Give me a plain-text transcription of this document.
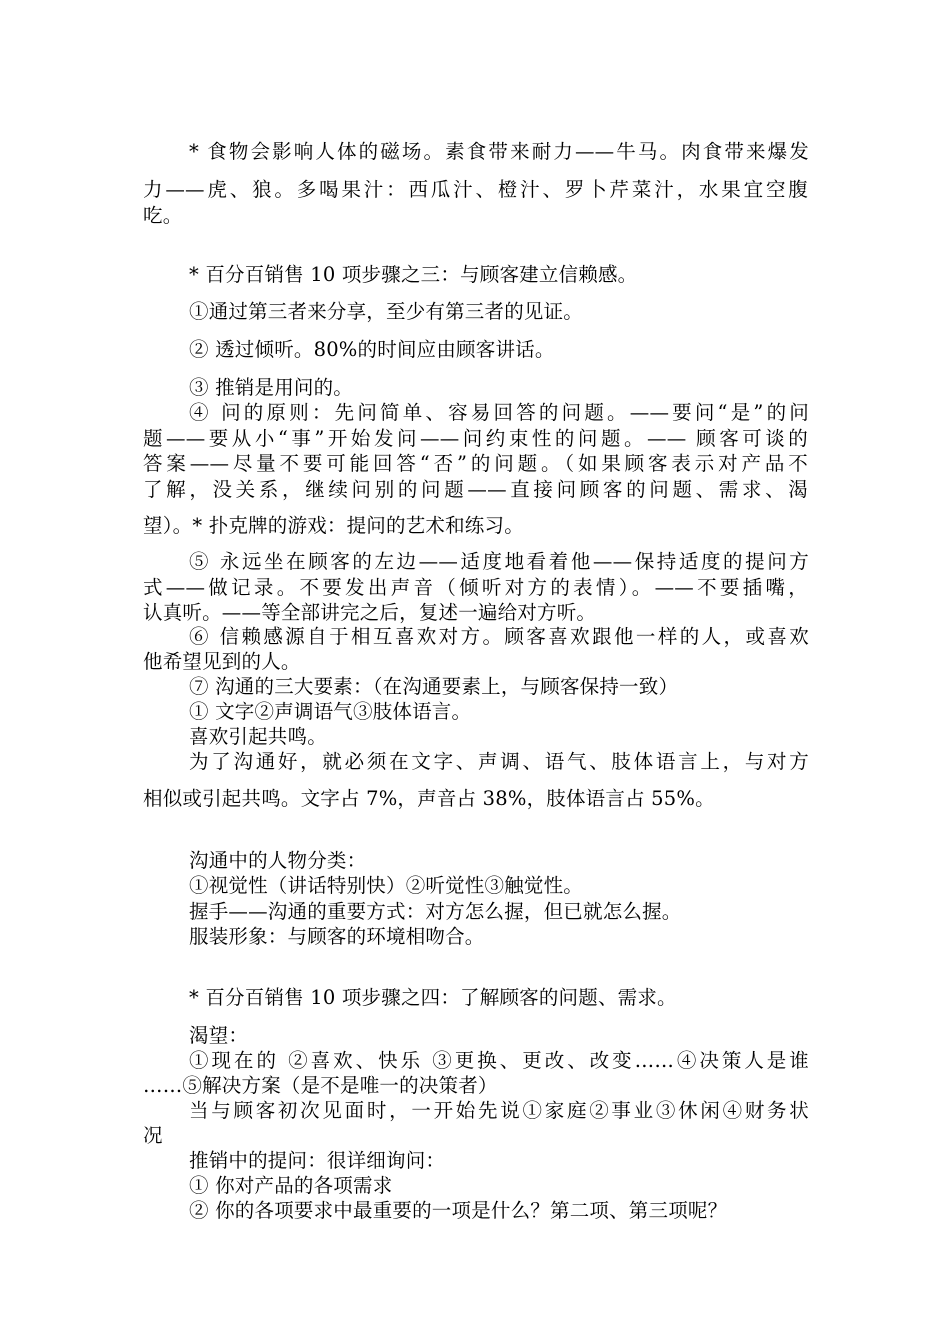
* 食物会影响人体的磁场。素食带来耐力——牛马。肉食带来爆发
力——虎、狼。多喝果汁：西瓜汁、橙汁、罗卜芹菜汁，水果宜空腹
吃。
* 百分百销售 10 项步骤之三：与顾客建立信赖感。
①通过第三者来分享，至少有第三者的见证。
② 透过倾听。80%的时间应由顾客讲话。
③ 推销是用问的。
④ 问的原则：先问简单、容易回答的问题。——要问“是”的问
题——要从小“事”开始发问——问约束性的问题。—— 顾客可谈的
答案——尽量不要可能回答“否”的问题。（如果顾客表示对产品不
了解，没关系，继续问别的问题——直接问顾客的问题、需求、渴
望）。* 扑克牌的游戏：提问的艺术和练习。
⑤ 永远坐在顾客的左边——适度地看着他——保持适度的提问方
式——做记录。不要发出声音（倾听对方的表情）。——不要插嘴，
认真听。——等全部讲完之后，复述一遍给对方听。
⑥ 信赖感源自于相互喜欢对方。顾客喜欢跟他一样的人，或喜欢
他希望见到的人。
⑦ 沟通的三大要素：（在沟通要素上，与顾客保持一致）
① 文字②声调语气③肢体语言。
喜欢引起共鸣。
为了沟通好，就必须在文字、声调、语气、肢体语言上，与对方
相似或引起共鸣。文字占 7%，声音占 38%，肢体语言占 55%。
沟通中的人物分类：
①视觉性（讲话特别快）②听觉性③触觉性。
握手——沟通的重要方式：对方怎么握，但已就怎么握。
服装形象：与顾客的环境相吻合。
* 百分百销售 10 项步骤之四：了解顾客的问题、需求。
渴望：
①现在的 ②喜欢、快乐 ③更换、更改、改变……④决策人是谁
……⑤解决方案（是不是唯一的决策者）
当与顾客初次见面时，一开始先说①家庭②事业③休闲④财务状
况
推销中的提问：很详细询问：
① 你对产品的各项需求
② 你的各项要求中最重要的一项是什么？第二项、第三项呢？
